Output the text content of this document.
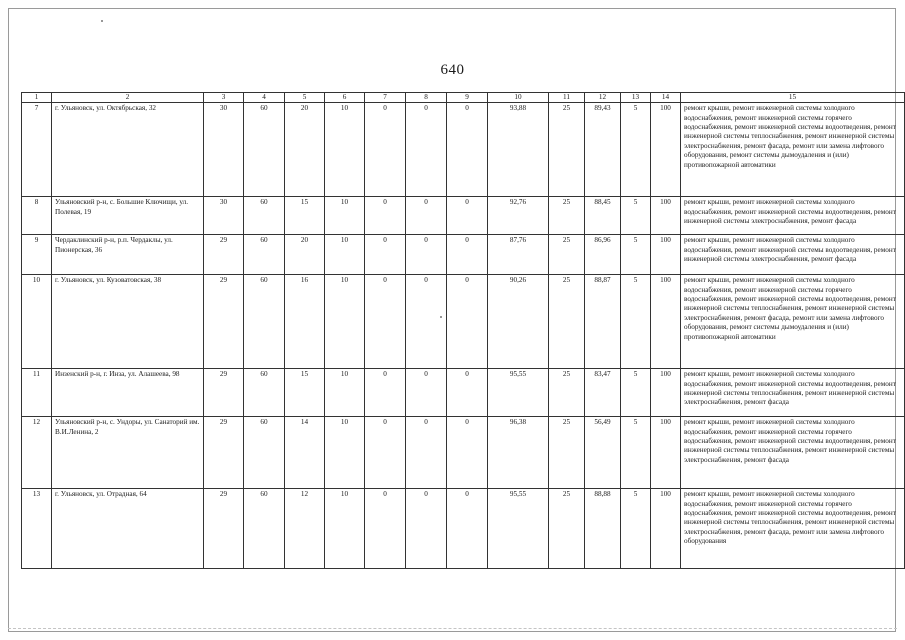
640
1	2	3	4	5	6	7	8	9	10	11	12	13	14	15
7	г. Ульяновск, ул. Октябрьская, 32	30	60	20	10	0	0	0	93,88	25	89,43	5	100	ремонт крыши, ремонт инженерной системы холодного водоснабжения, ремонт инженерной системы горячего водоснабжения, ремонт инженерной системы водоотведения, ремонт инженерной системы теплоснабжения, ремонт инженерной системы электроснабжения, ремонт фасада, ремонт или замена лифтового оборудования, ремонт системы дымоудаления и (или) противопожарной автоматики
8	Ульяновский р-н, с. Большие Ключищи, ул. Полевая, 19	30	60	15	10	0	0	0	92,76	25	88,45	5	100	ремонт крыши, ремонт инженерной системы холодного водоснабжения, ремонт инженерной системы водоотведения, ремонт инженерной системы электроснабжения, ремонт фасада
9	Чердаклинский р-н, р.п. Чердаклы, ул. Пионерская, 36	29	60	20	10	0	0	0	87,76	25	86,96	5	100	ремонт крыши, ремонт инженерной системы холодного водоснабжения, ремонт инженерной системы водоотведения, ремонт инженерной системы электроснабжения, ремонт фасада
10	г. Ульяновск, ул. Кузоватовская, 38	29	60	16	10	0	0	0	90,26	25	88,87	5	100	ремонт крыши, ремонт инженерной системы холодного водоснабжения, ремонт инженерной системы горячего водоснабжения, ремонт инженерной системы водоотведения, ремонт инженерной системы теплоснабжения, ремонт инженерной системы электроснабжения, ремонт фасада, ремонт или замена лифтового оборудования, ремонт системы дымоудаления и (или) противопожарной автоматики
11	Инзенский р-н, г. Инза, ул. Алашеева, 98	29	60	15	10	0	0	0	95,55	25	83,47	5	100	ремонт крыши, ремонт инженерной системы холодного водоснабжения, ремонт инженерной системы водоотведения, ремонт инженерной системы теплоснабжения, ремонт инженерной системы электроснабжения, ремонт фасада
12	Ульяновский р-н, с. Ундоры, ул. Санаторий им. В.И.Ленина, 2	29	60	14	10	0	0	0	96,38	25	56,49	5	100	ремонт крыши, ремонт инженерной системы холодного водоснабжения, ремонт инженерной системы горячего водоснабжения, ремонт инженерной системы водоотведения, ремонт инженерной системы теплоснабжения, ремонт инженерной системы электроснабжения, ремонт фасада
13	г. Ульяновск, ул. Отрадная, 64	29	60	12	10	0	0	0	95,55	25	88,88	5	100	ремонт крыши, ремонт инженерной системы холодного водоснабжения, ремонт инженерной системы горячего водоснабжения, ремонт инженерной системы водоотведения, ремонт инженерной системы теплоснабжения, ремонт инженерной системы электроснабжения, ремонт фасада, ремонт или замена лифтового оборудования
